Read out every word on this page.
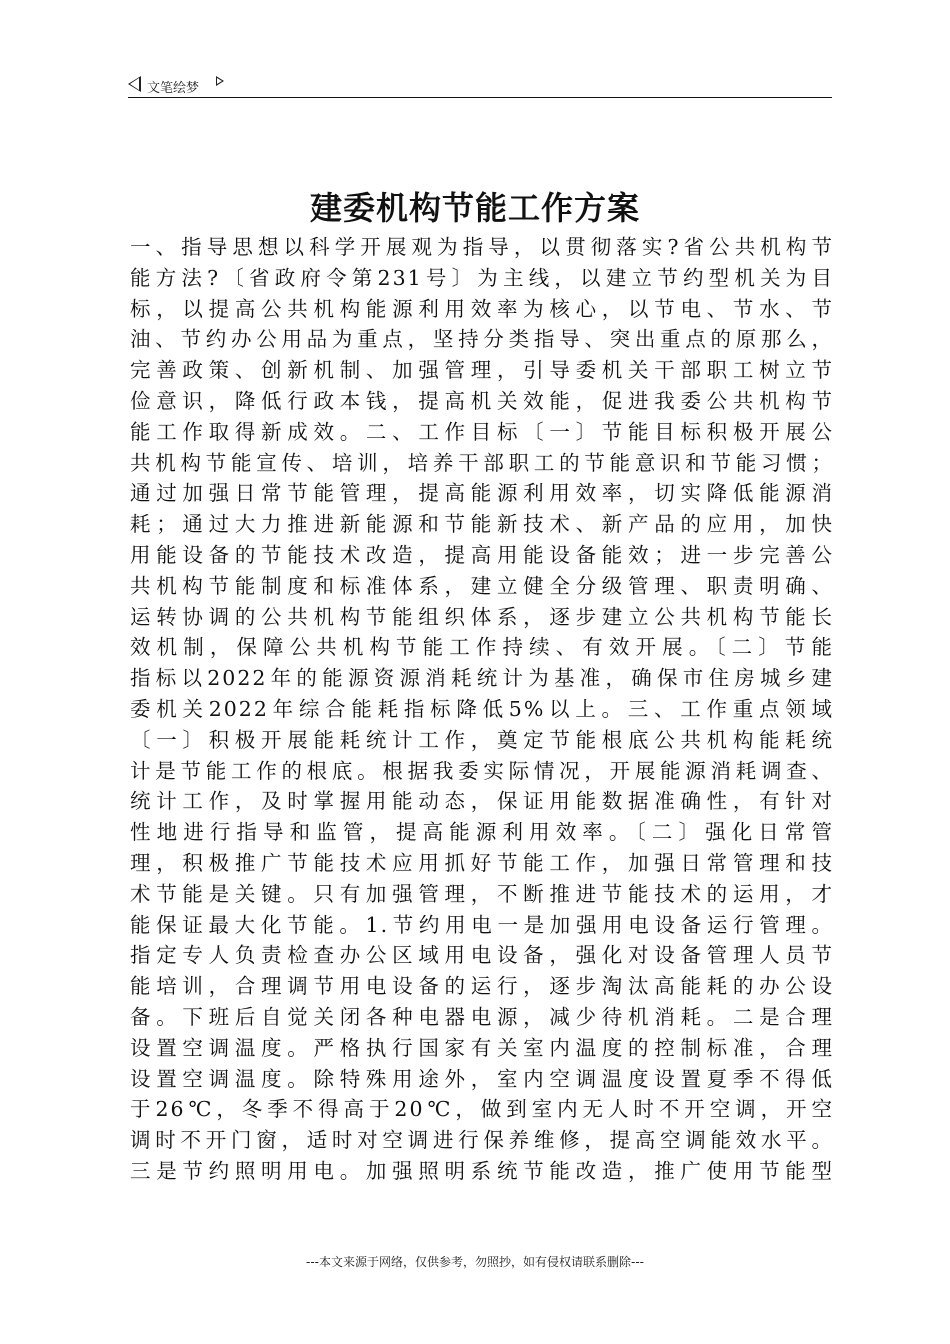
文笔绘梦
建委机构节能工作方案
一、指导思想以科学开展观为指导，以贯彻落实?省公共机构节
能方法?〔省政府令第231号〕为主线，以建立节约型机关为目
标，以提高公共机构能源利用效率为核心，以节电、节水、节
油、节约办公用品为重点，坚持分类指导、突出重点的原那么，
完善政策、创新机制、加强管理，引导委机关干部职工树立节
俭意识，降低行政本钱，提高机关效能，促进我委公共机构节
能工作取得新成效。二、工作目标〔一〕节能目标积极开展公
共机构节能宣传、培训，培养干部职工的节能意识和节能习惯；
通过加强日常节能管理，提高能源利用效率，切实降低能源消
耗；通过大力推进新能源和节能新技术、新产品的应用，加快
用能设备的节能技术改造，提高用能设备能效；进一步完善公
共机构节能制度和标准体系，建立健全分级管理、职责明确、
运转协调的公共机构节能组织体系，逐步建立公共机构节能长
效机制，保障公共机构节能工作持续、有效开展。〔二〕节能
指标以2022年的能源资源消耗统计为基准，确保市住房城乡建
委机关2022年综合能耗指标降低5%以上。三、工作重点领域
〔一〕积极开展能耗统计工作，奠定节能根底公共机构能耗统
计是节能工作的根底。根据我委实际情况，开展能源消耗调查、
统计工作，及时掌握用能动态，保证用能数据准确性，有针对
性地进行指导和监管，提高能源利用效率。〔二〕强化日常管
理，积极推广节能技术应用抓好节能工作，加强日常管理和技
术节能是关键。只有加强管理，不断推进节能技术的运用，才
能保证最大化节能。1.节约用电一是加强用电设备运行管理。
指定专人负责检查办公区域用电设备，强化对设备管理人员节
能培训，合理调节用电设备的运行，逐步淘汰高能耗的办公设
备。下班后自觉关闭各种电器电源，减少待机消耗。二是合理
设置空调温度。严格执行国家有关室内温度的控制标准，合理
设置空调温度。除特殊用途外，室内空调温度设置夏季不得低
于26℃，冬季不得高于20℃，做到室内无人时不开空调，开空
调时不开门窗，适时对空调进行保养维修，提高空调能效水平。
三是节约照明用电。加强照明系统节能改造，推广使用节能型
---本文来源于网络，仅供参考，勿照抄，如有侵权请联系删除---
